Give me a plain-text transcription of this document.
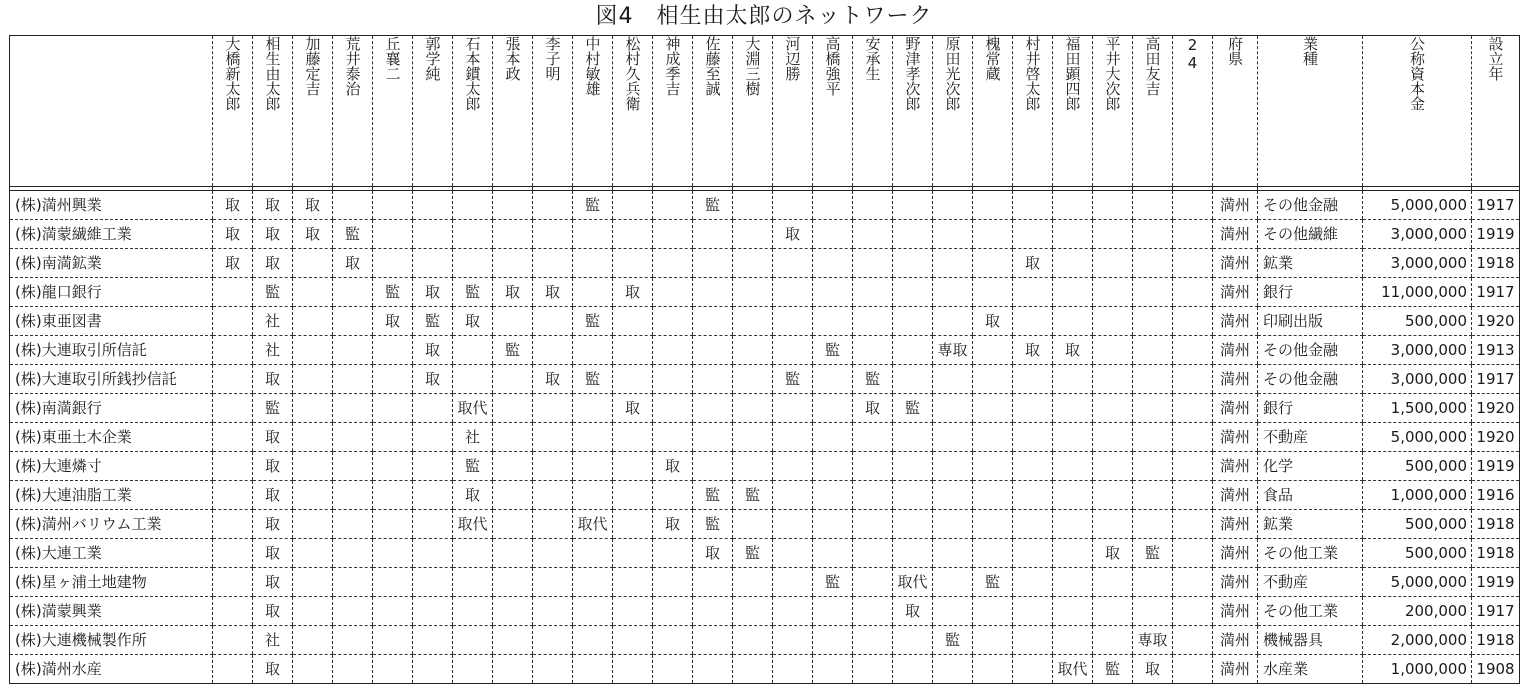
図4　相生由太郎のネットワーク

	大橋新太郎	相生由太郎	加藤定吉	荒井泰治	丘襄二	郭学純	石本鏆太郎	張本政	李子明	中村敏雄	松村久兵衛	神成季吉	佐藤至誠	大淵三樹	河辺勝	高橋強平	安承生	野津孝次郎	原田光次郎	槐常蔵	村井啓太郎	福田顕四郎	平井大次郎	高田友吉	24	府県	業種	公称資本金	設立年

(株)満州興業	取	取	取							監			監													満州	その他金融	5,000,000	1917
(株)満蒙繊維工業	取	取	取	監											取											満州	その他繊維	3,000,000	1919
(株)南満鉱業	取	取		取																	取					満州	鉱業	3,000,000	1918
(株)龍口銀行		監			監	取	監	取	取		取															満州	銀行	11,000,000	1917
(株)東亜図書		社			取	監	取			監										取						満州	印刷出版	500,000	1920
(株)大連取引所信託		社				取		監								監			専取		取	取				満州	その他金融	3,000,000	1913
(株)大連取引所銭抄信託		取				取			取	監					監		監									満州	その他金融	3,000,000	1917
(株)南満銀行		監					取代				取						取	監								満州	銀行	1,500,000	1920
(株)東亜土木企業		取					社																			満州	不動産	5,000,000	1920
(株)大連燐寸		取					監					取														満州	化学	500,000	1919
(株)大連油脂工業		取					取						監	監												満州	食品	1,000,000	1916
(株)満州バリウム工業		取					取代			取代		取	監													満州	鉱業	500,000	1918
(株)大連工業		取											取	監									取	監		満州	その他工業	500,000	1918
(株)星ヶ浦土地建物		取														監		取代		監						満州	不動産	5,000,000	1919
(株)満蒙興業		取																取								満州	その他工業	200,000	1917
(株)大連機械製作所		社																	監					専取		満州	機械器具	2,000,000	1918
(株)満州水産		取																				取代	監	取		満州	水産業	1,000,000	1908
